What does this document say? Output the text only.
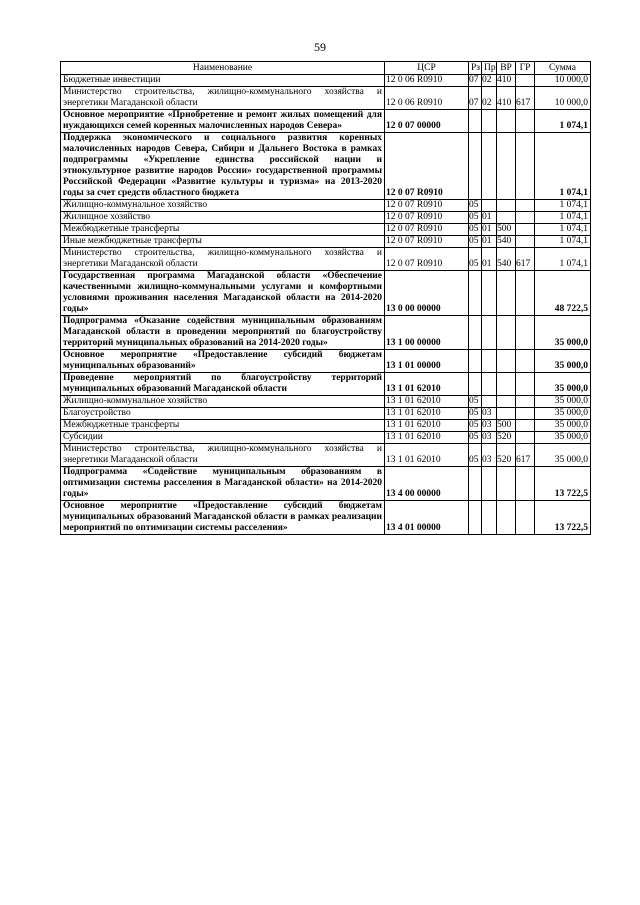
59
Наименование	ЦСР	Рз	Пр	ВР	ГР	Сумма
Бюджетные инвестиции	12 0 06 R0910	07	02	410		10 000,0
Министерство строительства, жилищно-коммунального хозяйства и энергетики Магаданской области	12 0 06 R0910	07	02	410	617	10 000,0
Основное мероприятие «Приобретение и ремонт жилых помещений для нуждающихся семей коренных малочисленных народов Севера»	12 0 07 00000					1 074,1
Поддержка экономического и социального развития коренных малочисленных народов Севера, Сибири и Дальнего Востока в рамках подпрограммы «Укрепление единства российской нации и этнокультурное развитие народов России» государственной программы Российской Федерации «Развитие культуры и туризма» на 2013-2020 годы за счет средств областного бюджета	12 0 07 R0910					1 074,1
Жилищно-коммунальное хозяйство	12 0 07 R0910	05				1 074,1
Жилищное хозяйство	12 0 07 R0910	05	01			1 074,1
Межбюджетные трансферты	12 0 07 R0910	05	01	500		1 074,1
Иные межбюджетные трансферты	12 0 07 R0910	05	01	540		1 074,1
Министерство строительства, жилищно-коммунального хозяйства и энергетики Магаданской области	12 0 07 R0910	05	01	540	617	1 074,1
Государственная программа Магаданской области «Обеспечение качественными жилищно-коммунальными услугами и комфортными условиями проживания населения Магаданской области на 2014-2020 годы»	13 0 00 00000					48 722,5
Подпрограмма «Оказание содействия муниципальным образованиям Магаданской области в проведении мероприятий по благоустройству территорий муниципальных образований на 2014-2020 годы»	13 1 00 00000					35 000,0
Основное мероприятие «Предоставление субсидий бюджетам муниципальных образований»	13 1 01 00000					35 000,0
Проведение мероприятий по благоустройству территорий муниципальных образований Магаданской области	13 1 01 62010					35 000,0
Жилищно-коммунальное хозяйство	13 1 01 62010	05				35 000,0
Благоустройство	13 1 01 62010	05	03			35 000,0
Межбюджетные трансферты	13 1 01 62010	05	03	500		35 000,0
Субсидии	13 1 01 62010	05	03	520		35 000,0
Министерство строительства, жилищно-коммунального хозяйства и энергетики Магаданской области	13 1 01 62010	05	03	520	617	35 000,0
Подпрограмма «Содействие муниципальным образованиям в оптимизации системы расселения в Магаданской области» на 2014-2020 годы»	13 4 00 00000					13 722,5
Основное мероприятие «Предоставление субсидий бюджетам муниципальных образований Магаданской области в рамках реализации мероприятий по оптимизации системы расселения»	13 4 01 00000					13 722,5
